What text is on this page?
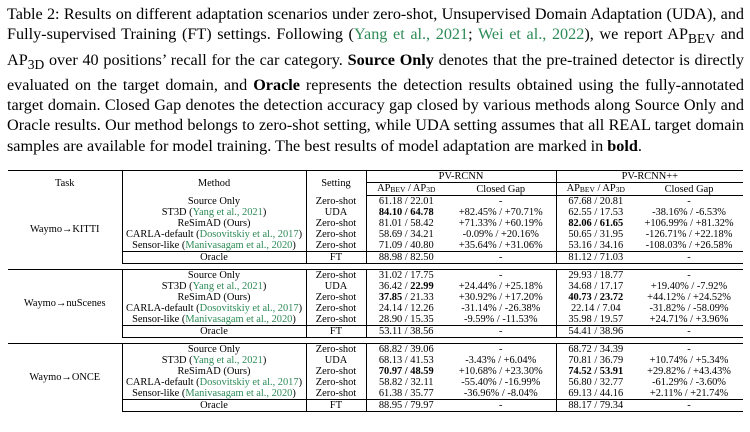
Table 2: Results on different adaptation scenarios under zero-shot, Unsupervised Domain Adaptation (UDA), and Fully-supervised Training (FT) settings. Following (Yang et al., 2021; Wei et al., 2022), we report $AP_{BEV}$ and $AP_{3D}$ over 40 positions’ recall for the car category. Source Only denotes that the pre-trained detector is directly evaluated on the target domain, and Oracle represents the detection results obtained using the fully-annotated target domain. Closed Gap denotes the detection accuracy gap closed by various methods along Source Only and Oracle results. Our method belongs to zero-shot setting, while UDA setting assumes that all REAL target domain samples are available for model training. The best results of model adaptation are marked in bold.
Task	Method	Setting	PV-RCNN		PV-RCNN++	
			APBEV / AP3D	Closed Gap	APBEV / AP3D	Closed Gap
Waymo→KITTI	Source Only	Zero-shot	61.18 / 22.01	-	67.68 / 20.81	-
	ST3D (Yang et al., 2021)	UDA	84.10 / 64.78	+82.45% / +70.71%	62.55 / 17.53	-38.16% / -6.53%
	ReSimAD (Ours)	Zero-shot	81.01 / 58.42	+71.33% / +60.19%	82.06 / 61.65	+106.99% / +81.32%
	CARLA-default (Dosovitskiy et al., 2017)	Zero-shot	58.69 / 34.21	-0.09% / +20.16%	50.65 / 31.95	-126.71% / +22.18%
	Sensor-like (Manivasagam et al., 2020)	Zero-shot	71.09 / 40.80	+35.64% / +31.06%	53.16 / 34.16	-108.03% / +26.58%
	Oracle	FT	88.98 / 82.50	-	81.12 / 71.03	-

Waymo→nuScenes	Source Only	Zero-shot	31.02 / 17.75	-	29.93 / 18.77	-
	ST3D (Yang et al., 2021)	UDA	36.42 / 22.99	+24.44% / +25.18%	34.68 / 17.17	+19.40% / -7.92%
	ReSimAD (Ours)	Zero-shot	37.85 / 21.33	+30.92% / +17.20%	40.73 / 23.72	+44.12% / +24.52%
	CARLA-default (Dosovitskiy et al., 2017)	Zero-shot	24.14 / 12.26	-31.14% / -26.38%	22.14 / 7.04	-31.82% / -58.09%
	Sensor-like (Manivasagam et al., 2020)	Zero-shot	28.90 / 15.35	-9.59% / -11.53%	35.98 / 19.57	+24.71% / +3.96%
	Oracle	FT	53.11 / 38.56	-	54.41 / 38.96	-

Waymo→ONCE	Source Only	Zero-shot	68.82 / 39.06	-	68.72 / 34.39	-
	ST3D (Yang et al., 2021)	UDA	68.13 / 41.53	-3.43% / +6.04%	70.81 / 36.79	+10.74% / +5.34%
	ReSimAD (Ours)	Zero-shot	70.97 / 48.59	+10.68% / +23.30%	74.52 / 53.91	+29.82% / +43.43%
	CARLA-default (Dosovitskiy et al., 2017)	Zero-shot	58.82 / 32.11	-55.40% / -16.99%	56.80 / 32.77	-61.29% / -3.60%
	Sensor-like (Manivasagam et al., 2020)	Zero-shot	61.38 / 35.77	-36.96% / -8.04%	69.13 / 44.16	+2.11% / +21.74%
	Oracle	FT	88.95 / 79.97	-	88.17 / 79.34	-
